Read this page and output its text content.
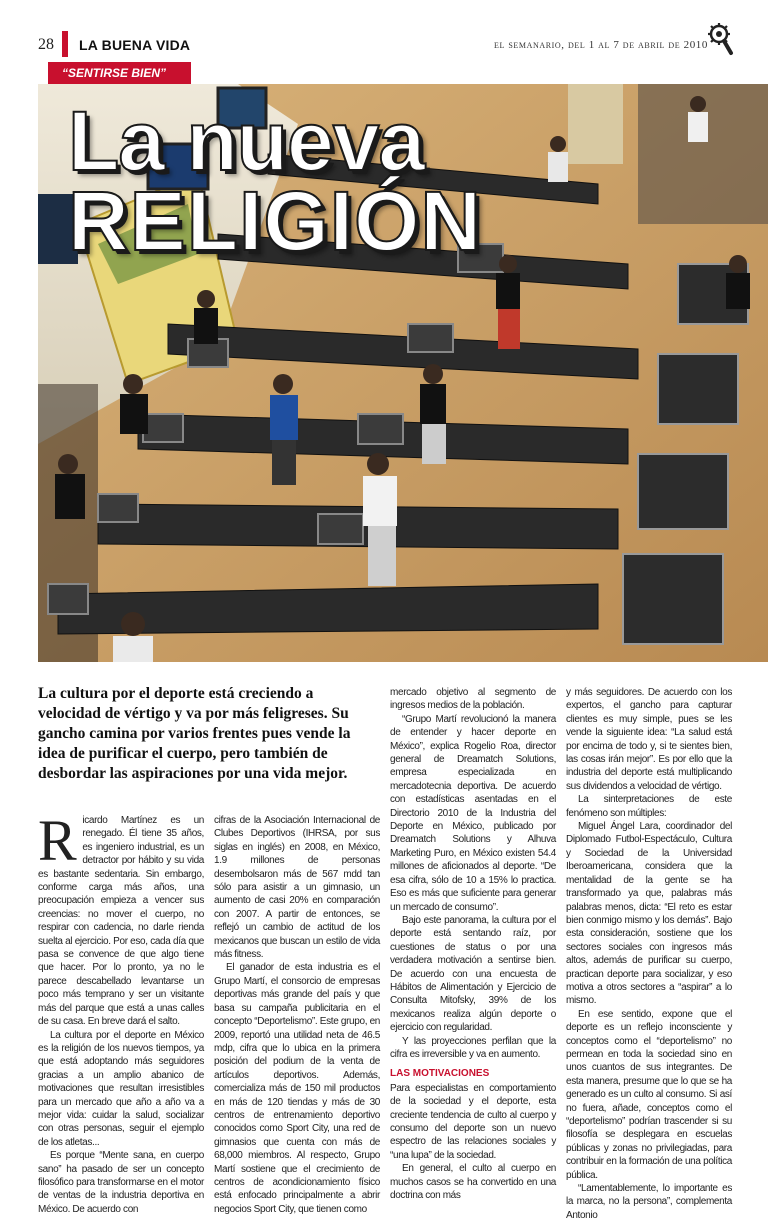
28 LA BUENA VIDA	el semanario, del 1 al 7 de abril de 2010
“SENTIRSE BIEN”
La nueva
RELIGIÓN

La cultura por el deporte está creciendo a velocidad de vértigo y va por más feligreses. Su gancho camina por varios frentes pues vende la idea de purificar el cuerpo, pero también de desbordar las aspiraciones por una vida mejor.

Ricardo Martínez es un renegado. Él tiene 35 años, es ingeniero industrial, es un detractor por hábito y su vida es bastante sedentaria. Sin embargo, conforme carga más años, una preocupación empieza a vencer sus creencias: no mover el cuerpo, no respirar con cadencia, no darle rienda suelta al ejercicio. Por eso, cada día que pasa se convence de que algo tiene que hacer. Por lo pronto, ya no le parece descabellado levantarse un poco más temprano y ser un visitante más del parque que está a unas calles de su casa. En breve dará el salto.

La cultura por el deporte en México es la religión de los nuevos tiempos, ya que está adoptando más seguidores gracias a un amplio abanico de motivaciones que resultan irresistibles para un mercado que año a año va a mejor vida: cuidar la salud, socializar con otras personas, seguir el ejemplo de los atletas...

Es porque “Mente sana, en cuerpo sano” ha pasado de ser un concepto filosófico para transformarse en el motor de ventas de la industria deportiva en México. De acuerdo con

cifras de la Asociación Internacional de Clubes Deportivos (IHRSA, por sus siglas en inglés) en 2008, en México, 1.9 millones de personas desembolsaron más de 567 mdd tan sólo para asistir a un gimnasio, un aumento de casi 20% en comparación con 2007. A partir de entonces, se reflejó un cambio de actitud de los mexicanos que buscan un estilo de vida más fitness.

El ganador de esta industria es el Grupo Martí, el consorcio de empresas deportivas más grande del país y que basa su campaña publicitaria en el concepto “Deportelismo”. Este grupo, en 2009, reportó una utilidad neta de 46.5 mdp, cifra que lo ubica en la primera posición del podium de la venta de artículos deportivos. Además, comercializa más de 150 mil productos en más de 120 tiendas y más de 30 centros de entrenamiento deportivo conocidos como Sport City, una red de gimnasios que cuenta con más de 68,000 miembros. Al respecto, Grupo Martí sostiene que el crecimiento de centros de acondicionamiento físico está enfocado principalmente a abrir negocios Sport City, que tienen como

mercado objetivo al segmento de ingresos medios de la población.

“Grupo Martí revolucionó la manera de entender y hacer deporte en México”, explica Rogelio Roa, director general de Dreamatch Solutions, empresa especializada en mercadotecnia deportiva. De acuerdo con estadísticas asentadas en el Directorio 2010 de la Industria del Deporte en México, publicado por Dreamatch Solutions y Alhuva Marketing Puro, en México existen 54.4 millones de aficionados al deporte. “De esa cifra, sólo de 10 a 15% lo practica. Eso es más que suficiente para generar un mercado de consumo”.

Bajo este panorama, la cultura por el deporte está sentando raíz, por cuestiones de status o por una verdadera motivación a sentirse bien. De acuerdo con una encuesta de Hábitos de Alimentación y Ejercicio de Consulta Mitofsky, 39% de los mexicanos realiza algún deporte o ejercicio con regularidad.

Y las proyecciones perfilan que la cifra es irreversible y va en aumento.

LAS MOTIVACIONES

Para especialistas en comportamiento de la sociedad y el deporte, esta creciente tendencia de culto al cuerpo y consumo del deporte son un nuevo espectro de las relaciones sociales y “una lupa” de la sociedad.

En general, el culto al cuerpo en muchos casos se ha convertido en una doctrina con más

y más seguidores. De acuerdo con los expertos, el gancho para capturar clientes es muy simple, pues se les vende la siguiente idea: “La salud está por encima de todo y, si te sientes bien, las cosas irán mejor”. Es por ello que la industria del deporte está multiplicando sus dividendos a velocidad de vértigo.

La sinterpretaciones de este fenómeno son múltiples:

Miguel Ángel Lara, coordinador del Diplomado Futbol-Espectáculo, Cultura y Sociedad de la Universidad Iberoamericana, considera que la mentalidad de la gente se ha transformado ya que, palabras más palabras menos, dicta: “El reto es estar bien conmigo mismo y los demás”. Bajo esta consideración, sostiene que los sectores sociales con ingresos más altos, además de purificar su cuerpo, practican deporte para socializar, y eso motiva a otros sectores a “aspirar” a lo mismo.

En ese sentido, expone que el deporte es un reflejo inconsciente y conceptos como el “deportelismo” no permean en toda la sociedad sino en unos cuantos de sus integrantes. De esta manera, presume que lo que se ha generado es un culto al consumo. Si así no fuera, añade, conceptos como el “deportelismo” podrían trascender si su filosofía se desplegara en escuelas públicas y zonas no privilegiadas, para contribuir en la formación de una política pública.

“Lamentablemente, lo importante es la marca, no la persona”, complementa Antonio
